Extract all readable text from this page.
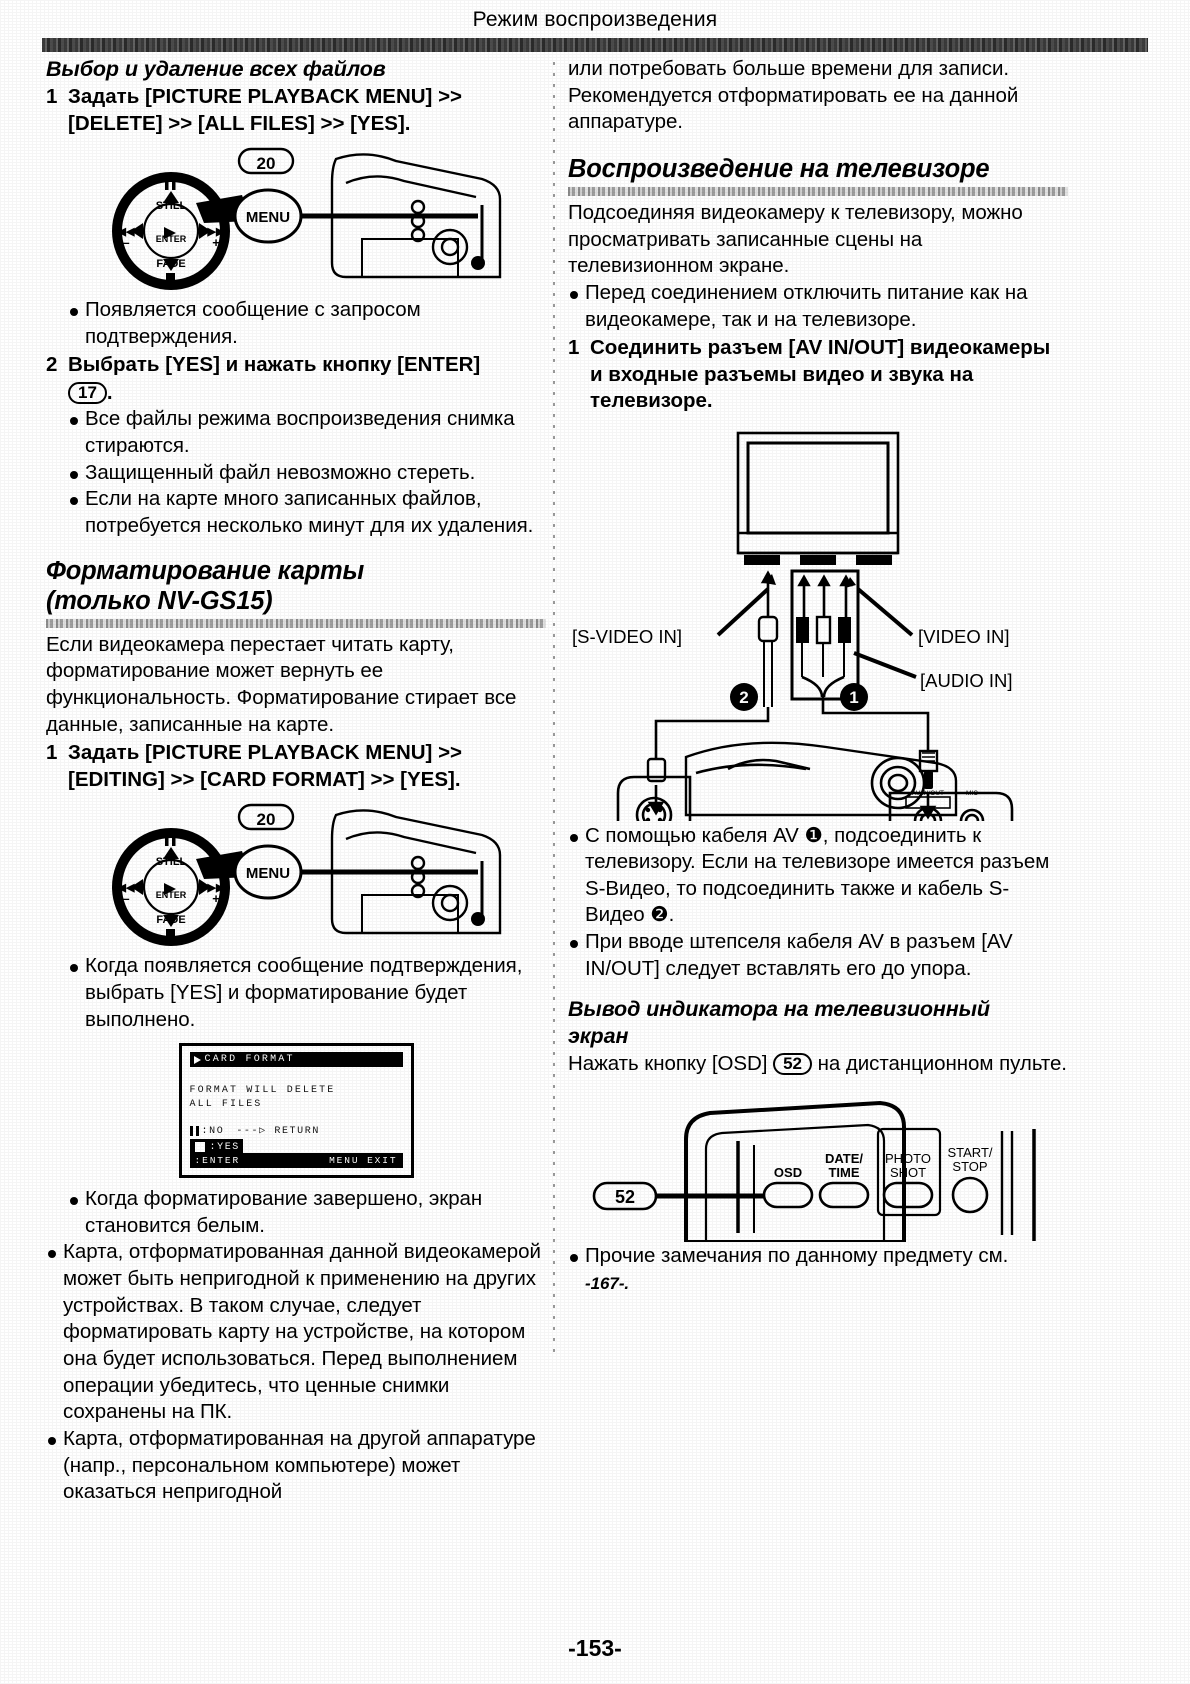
Режим воспроизведения
Выбор и удаление всех файлов
1 Задать [PICTURE PLAYBACK MENU] >> [DELETE] >> [ALL FILES] >> [YES].
20
MENU
STILL
ENTER
FADE
–	+
◀◀	▶▶
Появляется сообщение с запросом подтверждения.
2 Выбрать [YES] и нажать кнопку [ENTER]
17 .
Все файлы режима воспроизведения снимка стираются.
Защищенный файл невозможно стереть.
Если на карте много записанных файлов, потребуется несколько минут для их удаления.
Форматирование карты
(только NV-GS15)

Если видеокамера перестает читать карту, форматирование может вернуть ее функциональность. Форматирование стирает все данные, записанные на карте.

1 Задать [PICTURE PLAYBACK MENU] >> [EDITING] >> [CARD FORMAT] >> [YES].
20
MENU
STILL
ENTER
FADE
–	+
◀◀	▶▶
Когда появляется сообщение подтверждения, выбрать [YES] и форматирование будет выполнено.
CARD FORMAT
FORMAT WILL DELETE
ALL FILES
:NO ---▷ RETURN
:YES
:ENTER	MENU EXIT
Когда форматирование завершено, экран становится белым.
Карта, отформатированная данной видеокамерой может быть непригодной к применению на других устройствах. В таком случае, следует форматировать карту на устройстве, на котором она будет использоваться. Перед выполнением операции убедитесь, что ценные снимки сохранены на ПК.
Карта, отформатированная на другой аппаратуре (напр., персональном компьютере) может оказаться непригодной

или потребовать больше времени для записи. Рекомендуется отформатировать ее на данной аппаратуре.

Воспроизведение на телевизоре

Подсоединяя видеокамеру к телевизору, можно просматривать записанные сцены на телевизионном экране.

Перед соединением отключить питание как на видеокамере, так и на телевизоре.
1 Соединить разъем [AV IN/OUT] видеокамеры и входные разъемы видео и звука на телевизоре.
2	1
[S-VIDEO IN]	[VIDEO IN]
[AUDIO IN]
AV IN/OUT	MIC
С помощью кабеля AV ❶, подсоединить к телевизору. Если на телевизоре имеется разъем S-Видео, то подсоединить также и кабель S-Видео ❷.
При вводе штепселя кабеля AV в разъем [AV IN/OUT] следует вставлять его до упора.
Вывод индикатора на телевизионный
экран

Нажать кнопку [OSD] 52 на дистанционном пульте.

52
OSD
DATE/
TIME
PHOTO
SHOT
START/
STOP
Прочие замечания по данному предмету см.
-167-.
-153-
